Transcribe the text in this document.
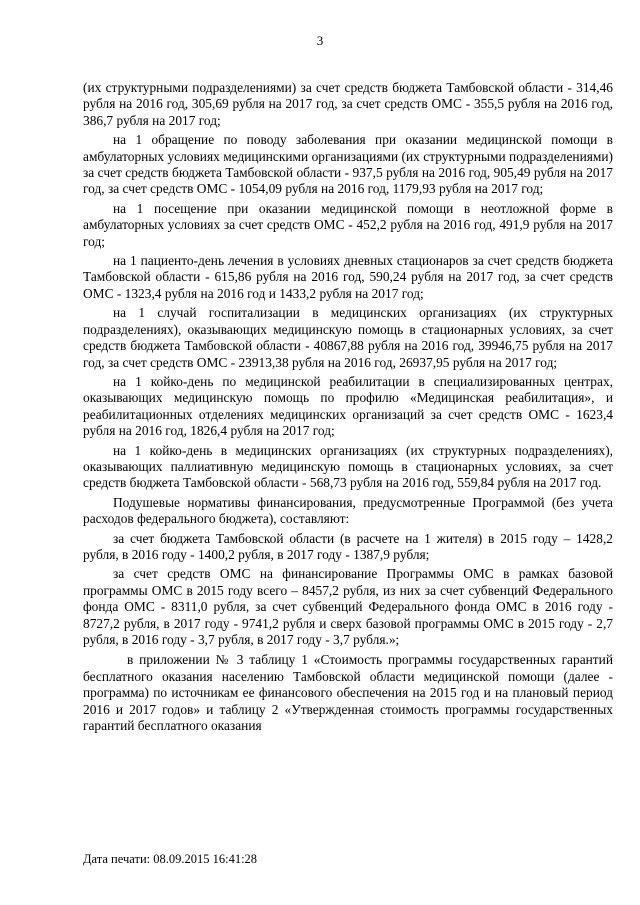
3

(их структурными подразделениями) за счет средств бюджета Тамбовской области - 314,46 рубля на 2016 год, 305,69 рубля на 2017 год, за счет средств ОМС - 355,5 рубля на 2016 год, 386,7 рубля на 2017 год;

на 1 обращение по поводу заболевания при оказании медицинской помощи в амбулаторных условиях медицинскими организациями (их структурными подразделениями) за счет средств бюджета Тамбовской области - 937,5 рубля на 2016 год, 905,49 рубля на 2017 год, за счет средств ОМС - 1054,09 рубля на 2016 год, 1179,93 рубля на 2017 год;

на 1 посещение при оказании медицинской помощи в неотложной форме в амбулаторных условиях за счет средств ОМС - 452,2 рубля на 2016 год, 491,9 рубля на 2017 год;

на 1 пациенто-день лечения в условиях дневных стационаров за счет средств бюджета Тамбовской области - 615,86 рубля на 2016 год, 590,24 рубля на 2017 год, за счет средств ОМС - 1323,4 рубля на 2016 год и 1433,2 рубля на 2017 год;

на 1 случай госпитализации в медицинских организациях (их структурных подразделениях), оказывающих медицинскую помощь в стационарных условиях, за счет средств бюджета Тамбовской области - 40867,88 рубля на 2016 год, 39946,75 рубля на 2017 год, за счет средств ОМС - 23913,38 рубля на 2016 год, 26937,95 рубля на 2017 год;

на 1 койко-день по медицинской реабилитации в специализированных центрах, оказывающих медицинскую помощь по профилю «Медицинская реабилитация», и реабилитационных отделениях медицинских организаций за счет средств ОМС - 1623,4 рубля на 2016 год, 1826,4 рубля на 2017 год;

на 1 койко-день в медицинских организациях (их структурных подразделениях), оказывающих паллиативную медицинскую помощь в стационарных условиях, за счет средств бюджета Тамбовской области - 568,73 рубля на 2016 год, 559,84 рубля на 2017 год.

Подушевые нормативы финансирования, предусмотренные Программой (без учета расходов федерального бюджета), составляют:

за счет бюджета Тамбовской области (в расчете на 1 жителя) в 2015 году – 1428,2 рубля, в 2016 году - 1400,2 рубля, в 2017 году - 1387,9 рубля;

за счет средств ОМС на финансирование Программы ОМС в рамках базовой программы ОМС в 2015 году всего – 8457,2 рубля, из них за счет субвенций Федерального фонда ОМС - 8311,0 рубля, за счет субвенций Федерального фонда ОМС в 2016 году - 8727,2 рубля, в 2017 году - 9741,2 рубля и сверх базовой программы ОМС в 2015 году - 2,7 рубля, в 2016 году - 3,7 рубля, в 2017 году - 3,7 рубля.»;

в приложении № 3 таблицу 1 «Стоимость программы государственных гарантий бесплатного оказания населению Тамбовской области медицинской помощи (далее - программа) по источникам ее финансового обеспечения на 2015 год и на плановый период 2016 и 2017 годов» и таблицу 2 «Утвержденная стоимость программы государственных гарантий бесплатного оказания

Дата печати: 08.09.2015 16:41:28
